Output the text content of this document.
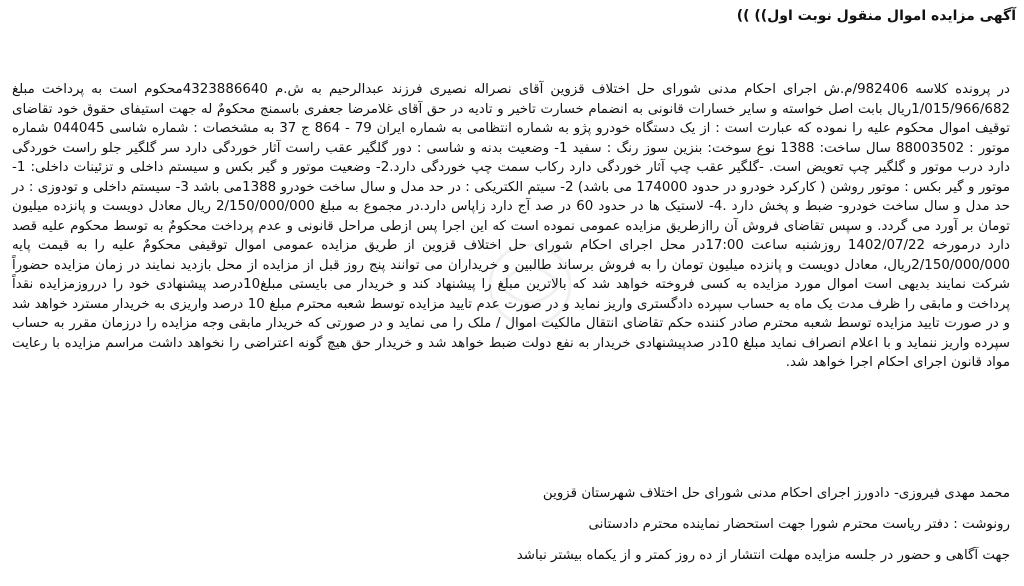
آگهی مزایده اموال منقول نوبت اول)) ))
در پرونده کلاسه 982406/م.ش اجرای احکام مدنی شورای حل اختلاف قزوین آقای نصراله نصیری فرزند عبدالرحیم به ش.م 4323886640محکوم است به پرداخت مبلغ 1/015/966/682ریال بابت اصل خواسته و سایر خسارات قانونی به انضمام خسارت تاخیر و تادیه در حق آقای غلامرضا جعفری باسمنج محکومٌ له جهت استیفای حقوق خود تقاضای توقیف اموال محکوم علیه را نموده که عبارت است : از یک دستگاه خودرو پژو به شماره انتظامی به شماره ایران 79 - 864 ج 37 به مشخصات : شماره شاسی 044045 شماره موتور : 88003502 سال ساخت: 1388 نوع سوخت: بنزین سوز رنگ : سفید 1- وضعیت بدنه و شاسی : دور گلگیر عقب راست آثار خوردگی دارد سر گلگیر جلو راست خوردگی دارد درب موتور و گلگیر چپ تعویض است. -گلگیر عقب چپ آثار خوردگی دارد رکاب سمت چپ خوردگی دارد.2- وضعیت موتور و گیر بکس و سیستم داخلی و تزئینات داخلی: 1- موتور و گیر بکس : موتور روشن ( کارکرد خودرو در حدود 174000 می باشد) 2- سیتم الکتریکی : در حد مدل و سال ساخت خودرو 1388می باشد 3- سیستم داخلی و تودوزی : در حد مدل و سال ساخت خودرو- ضبط و پخش دارد .4- لاستیک ها در حدود 60 در صد آج دارد زاپاس دارد.در مجموع به مبلغ 2/150/000/000 ریال معادل دویست و پانزده میلیون تومان بر آورد می گردد. و سپس تقاضای فروش آن رااز‌طریق مزایده عمومی نموده است که این اجرا پس ازطی مراحل قانونی و عدم پرداخت محکومٌ به توسط محکوم علیه قصد دارد درمورخه 1402/07/22 روزشنبه ساعت 17:00در محل اجرای احکام شورای حل اختلاف قزوین از طریق مزایده عمومی اموال توقیفی محکومٌ علیه را به قیمت پایه 2/150/000/000ریال، معادل دویست و پانزده میلیون تومان را به فروش برساند طالبین و خریداران می توانند پنج روز قبل از مزایده از محل بازدید نمایند در زمان مزایده حضوراً شرکت نمایند بدیهی است اموال مورد مزایده به کسی فروخته خواهد شد که بالاترین مبلغ را پیشنهاد کند و خریدار می بایستی مبلغ10درصد پیشنهادی خود را درروزمزایده نقداً پرداخت و مابقی را ظرف مدت یک ماه به حساب سپرده دادگستری واریز نماید و در صورت عدم تایید مزایده توسط شعبه محترم مبلغ 10 درصد واریزی به خریدار مسترد خواهد شد و در صورت تایید مزایده توسط شعبه محترم صادر کننده حکم تقاضای انتقال مالکیت اموال / ملک را می نماید و در صورتی که خریدار مابقی وجه مزایده را درزمان مقرر به حساب سپرده واریز ننماید و با اعلام انصراف نماید مبلغ 10در صدپیشنهادی خریدار به نفع دولت ضبط خواهد شد و خریدار حق هیچ گونه اعتراضی را نخواهد داشت مراسم مزایده با رعایت مواد قانون اجرای احکام اجرا خواهد شد.
محمد مهدی فیروزی- دادورز اجرای احکام مدنی شورای حل اختلاف شهرستان قزوین
رونوشت : دفتر ریاست محترم شورا جهت استحضار نماینده محترم دادستانی
جهت آگاهی و حضور در جلسه مزایده مهلت انتشار از ده روز کمتر و از یکماه بیشتر نباشد
